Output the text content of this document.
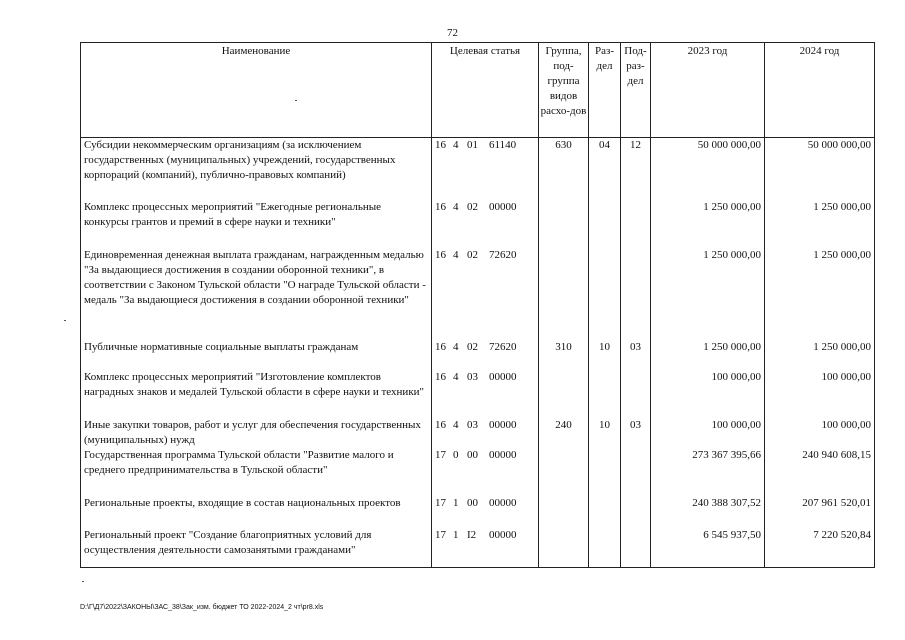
72
Наименование	Целевая статья	Группа, под-группа видов расхо-дов	Раз-дел	Под-раз-дел	2023 год	2024 год
Субсидии некоммерческим организациям (за исключением государственных (муниципальных) учреждений, государственных корпораций (компаний), публично-правовых компаний)	16 4 01 61140	630	04	12	50 000 000,00	50 000 000,00
Комплекс процессных мероприятий "Ежегодные региональные конкурсы грантов и премий в сфере науки и техники"	16 4 02 00000				1 250 000,00	1 250 000,00
Единовременная денежная выплата гражданам, награжденным медалью "За выдающиеся достижения в создании оборонной техники", в соответствии с Законом Тульской области "О награде Тульской области - медаль "За выдающиеся достижения в создании оборонной техники"	16 4 02 72620				1 250 000,00	1 250 000,00
Публичные нормативные социальные выплаты гражданам	16 4 02 72620	310	10	03	1 250 000,00	1 250 000,00
Комплекс процессных мероприятий "Изготовление комплектов наградных знаков и медалей Тульской области в сфере науки и техники"	16 4 03 00000				100 000,00	100 000,00
Иные закупки товаров, работ и услуг для обеспечения государственных (муниципальных) нужд	16 4 03 00000	240	10	03	100 000,00	100 000,00
Государственная программа Тульской области "Развитие малого и среднего предпринимательства в Тульской области"	17 0 00 00000				273 367 395,66	240 940 608,15
Региональные проекты, входящие в состав национальных проектов	17 1 00 00000				240 388 307,52	207 961 520,01
Региональный проект "Создание благоприятных условий для осуществления деятельности самозанятыми гражданами"	17 1 I2 00000				6 545 937,50	7 220 520,84
D:\Г\Д7\2022\ЗАКОНЫ\ЗАС_38\Зак_изм. бюджет ТО 2022-2024_2 чт\pr8.xls
